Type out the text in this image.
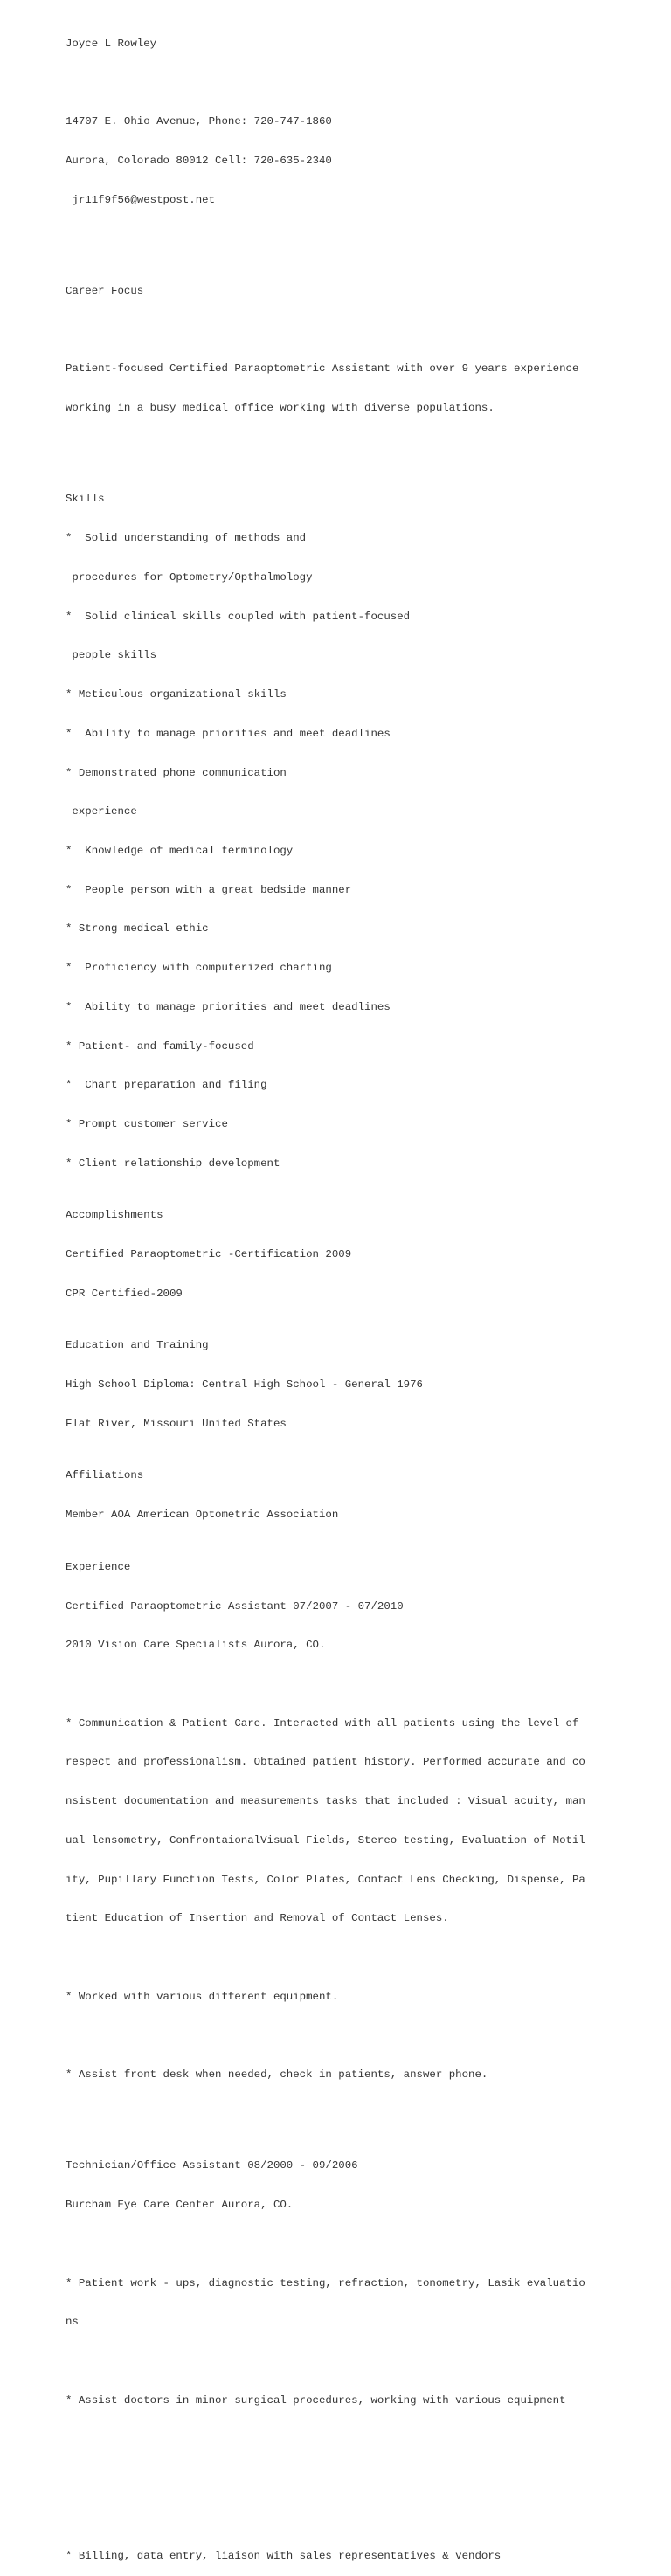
Joyce L Rowley

14707 E. Ohio Avenue, Phone: 720-747-1860

Aurora, Colorado 80012 Cell: 720-635-2340

jr11f9f56@westpost.net

Career Focus

Patient-focused Certified Paraoptometric Assistant with over 9 years experience

working in a busy medical office working with diverse populations.

Skills

*  Solid understanding of methods and

procedures for Optometry/Opthalmology

*  Solid clinical skills coupled with patient-focused

people skills

* Meticulous organizational skills

*  Ability to manage priorities and meet deadlines

* Demonstrated phone communication

experience

*  Knowledge of medical terminology

*  People person with a great bedside manner

* Strong medical ethic

*  Proficiency with computerized charting

*  Ability to manage priorities and meet deadlines

* Patient- and family-focused

*  Chart preparation and filing

* Prompt customer service

* Client relationship development

Accomplishments

Certified Paraoptometric -Certification 2009

CPR Certified-2009

Education and Training

High School Diploma: Central High School - General 1976

Flat River, Missouri United States

Affiliations

Member AOA American Optometric Association

Experience

Certified Paraoptometric Assistant 07/2007 - 07/2010

2010 Vision Care Specialists Aurora, CO.

* Communication & Patient Care. Interacted with all patients using the level of

respect and professionalism. Obtained patient history. Performed accurate and co

nsistent documentation and measurements tasks that included : Visual acuity, man

ual lensometry, ConfrontaionalVisual Fields, Stereo testing, Evaluation of Motil

ity, Pupillary Function Tests, Color Plates, Contact Lens Checking, Dispense, Pa

tient Education of Insertion and Removal of Contact Lenses.

* Worked with various different equipment.

* Assist front desk when needed, check in patients, answer phone.

Technician/Office Assistant 08/2000 - 09/2006

Burcham Eye Care Center Aurora, CO.

* Patient work - ups, diagnostic testing, refraction, tonometry, Lasik evaluatio

ns

* Assist doctors in minor surgical procedures, working with various equipment

* Billing, data entry, liaison with sales representatives & vendors
